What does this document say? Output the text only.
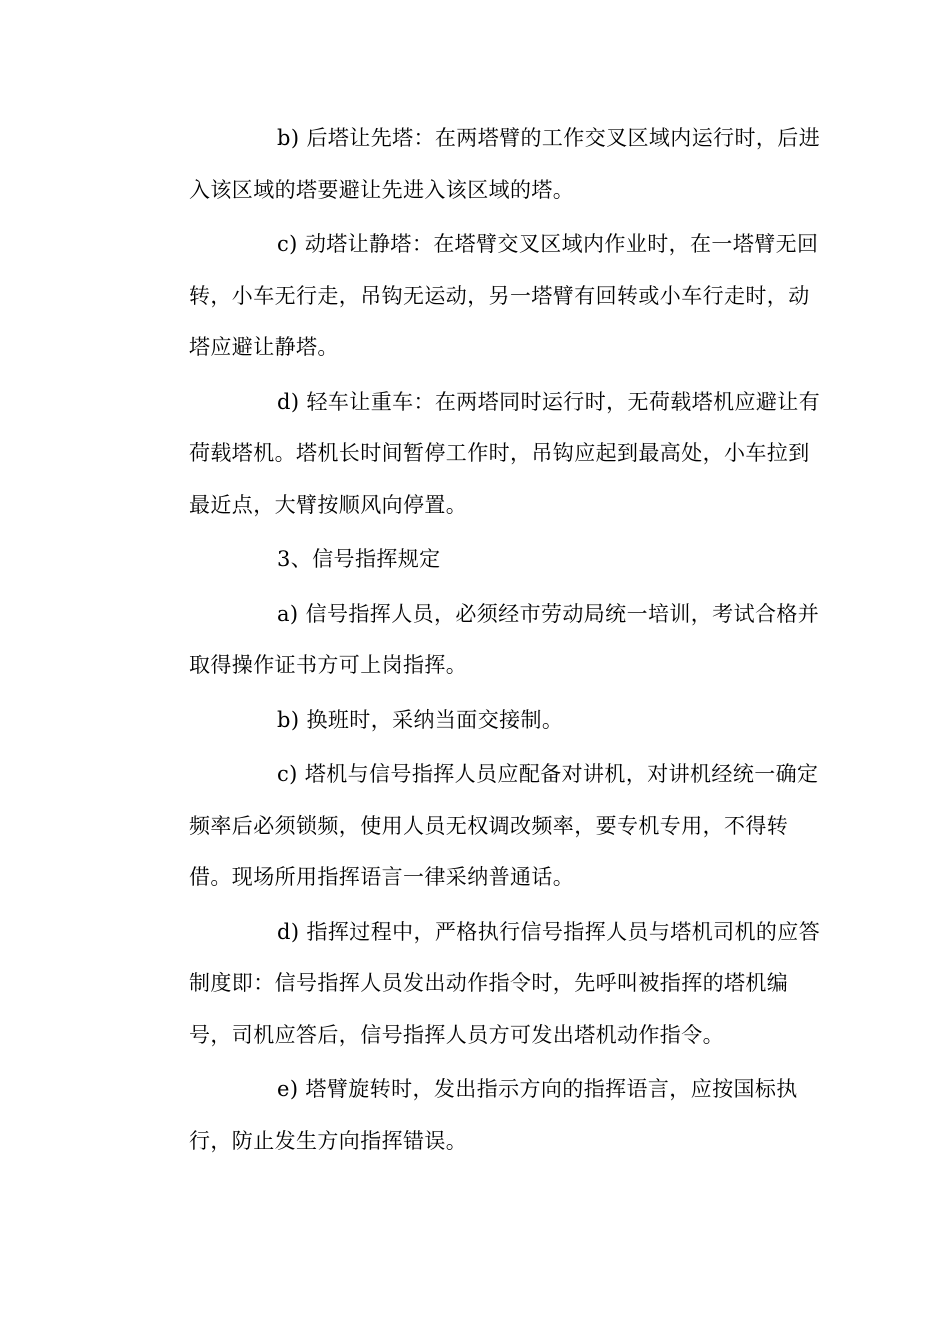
b) 后塔让先塔：在两塔臂的工作交叉区域内运行时，后进
入该区域的塔要避让先进入该区域的塔。

c) 动塔让静塔：在塔臂交叉区域内作业时，在一塔臂无回
转，小车无行走，吊钩无运动，另一塔臂有回转或小车行走时，动
塔应避让静塔。

d) 轻车让重车：在两塔同时运行时，无荷载塔机应避让有
荷载塔机。塔机长时间暂停工作时，吊钩应起到最高处，小车拉到
最近点，大臂按顺风向停置。

3、信号指挥规定

a) 信号指挥人员，必须经市劳动局统一培训，考试合格并
取得操作证书方可上岗指挥。

b) 换班时，采纳当面交接制。

c) 塔机与信号指挥人员应配备对讲机，对讲机经统一确定
频率后必须锁频，使用人员无权调改频率，要专机专用，不得转
借。现场所用指挥语言一律采纳普通话。

d) 指挥过程中，严格执行信号指挥人员与塔机司机的应答
制度即：信号指挥人员发出动作指令时，先呼叫被指挥的塔机编
号，司机应答后，信号指挥人员方可发出塔机动作指令。

e) 塔臂旋转时，发出指示方向的指挥语言，应按国标执
行，防止发生方向指挥错误。
